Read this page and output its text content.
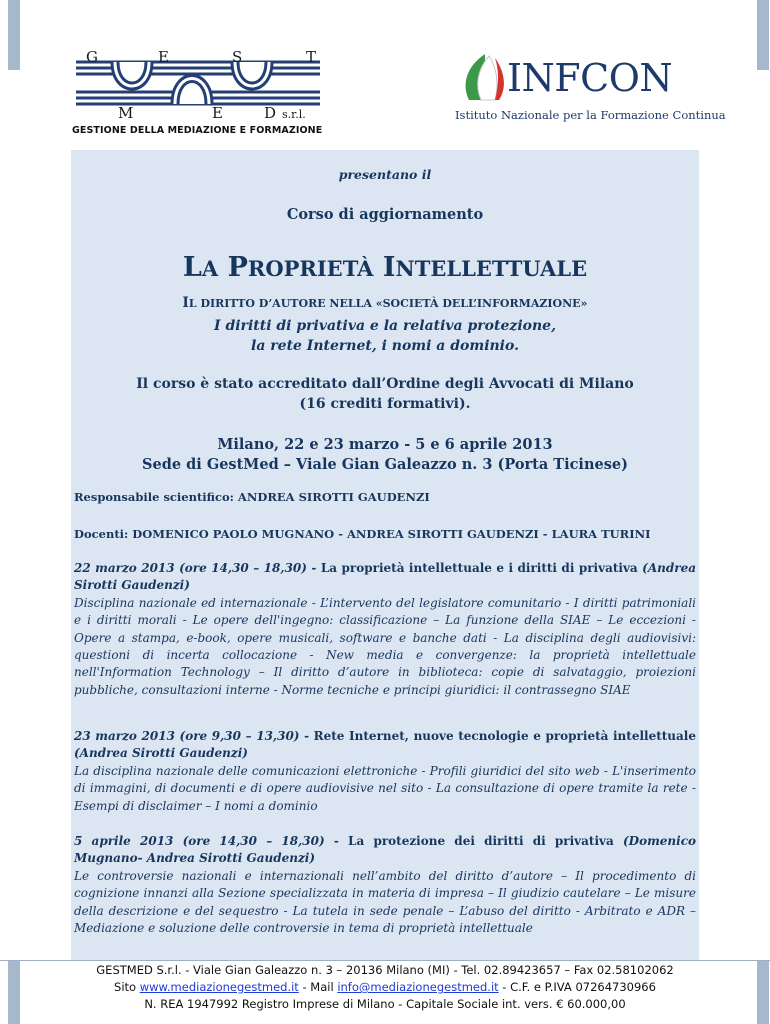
G	E	S	T
M	E	D s.r.l.
GESTIONE DELLA MEDIAZIONE E FORMAZIONE
INFCON
Istituto Nazionale per la Formazione Continua
presentano il
Corso di aggiornamento
LA PROPRIETÀ INTELLETTUALE
IL DIRITTO D’AUTORE NELLA «SOCIETÀ DELL’INFORMAZIONE»
I diritti di privativa e la relativa protezione,
la rete Internet, i nomi a dominio.
Il corso è stato accreditato dall’Ordine degli Avvocati di Milano
(16 crediti formativi).
Milano, 22 e 23 marzo - 5 e 6 aprile 2013
Sede di GestMed – Viale Gian Galeazzo n. 3 (Porta Ticinese)
Responsabile scientifico: ANDREA SIROTTI GAUDENZI
Docenti: DOMENICO PAOLO MUGNANO - ANDREA SIROTTI GAUDENZI - LAURA TURINI
22 marzo 2013 (ore 14,30 – 18,30) - La proprietà intellettuale e i diritti di privativa (Andrea Sirotti Gaudenzi)
Disciplina nazionale ed internazionale - L’intervento del legislatore comunitario - I diritti patrimoniali e i diritti morali - Le opere dell'ingegno: classificazione – La funzione della SIAE – Le eccezioni - Opere a stampa, e-book, opere musicali, software e banche dati - La disciplina degli audiovisivi: questioni di incerta collocazione - New media e convergenze: la proprietà intellettuale nell'Information Technology – Il diritto d’autore in biblioteca: copie di salvataggio, proiezioni pubbliche, consultazioni interne - Norme tecniche e principi giuridici: il contrassegno SIAE
23 marzo 2013 (ore 9,30 – 13,30) - Rete Internet, nuove tecnologie e proprietà intellettuale (Andrea Sirotti Gaudenzi)
La disciplina nazionale delle comunicazioni elettroniche - Profili giuridici del sito web - L'inserimento di immagini, di documenti e di opere audiovisive nel sito - La consultazione di opere tramite la rete - Esempi di disclaimer – I nomi a dominio
5 aprile 2013 (ore 14,30 – 18,30) - La protezione dei diritti di privativa (Domenico Mugnano- Andrea Sirotti Gaudenzi)
Le controversie nazionali e internazionali nell’ambito del diritto d’autore – Il procedimento di cognizione innanzi alla Sezione specializzata in materia di impresa – Il giudizio cautelare – Le misure della descrizione e del sequestro - La tutela in sede penale – L’abuso del diritto - Arbitrato e ADR – Mediazione e soluzione delle controversie in tema di proprietà intellettuale
GESTMED S.r.l. - Viale Gian Galeazzo n. 3 – 20136 Milano (MI) - Tel. 02.89423657 – Fax 02.58102062
Sito www.mediazionegestmed.it - Mail info@mediazionegestmed.it - C.F. e P.IVA 07264730966
N. REA 1947992 Registro Imprese di Milano - Capitale Sociale int. vers. € 60.000,00
